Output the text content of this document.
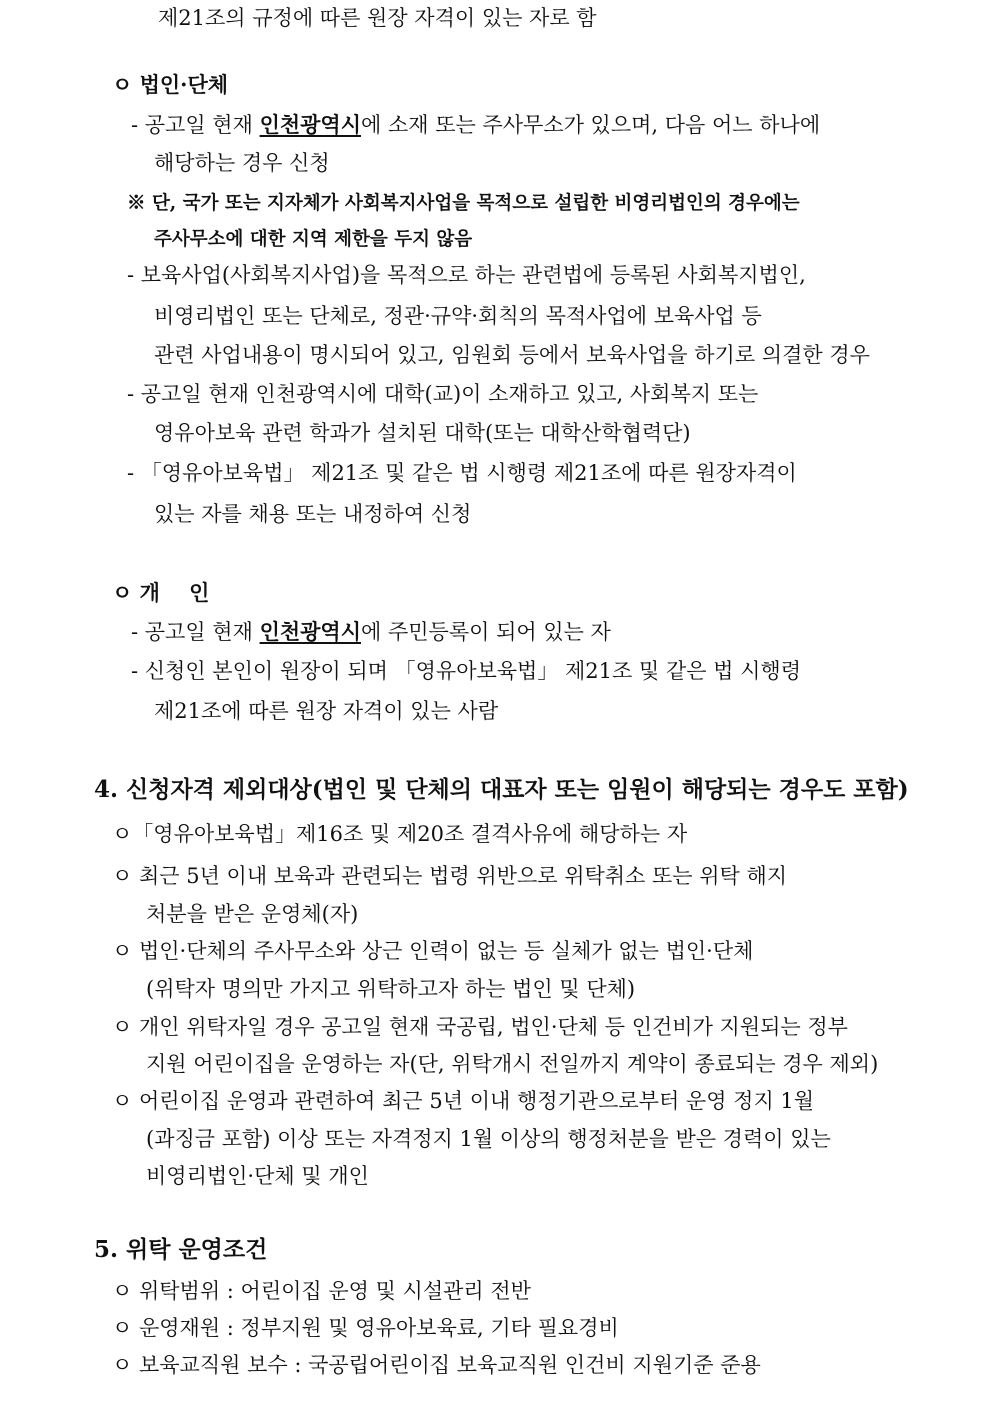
제21조의 규정에 따른 원장 자격이 있는 자로 함
ㅇ 법인·단체
- 공고일 현재 인천광역시에 소재 또는 주사무소가 있으며, 다음 어느 하나에
해당하는 경우 신청
※ 단, 국가 또는 지자체가 사회복지사업을 목적으로 설립한 비영리법인의 경우에는
주사무소에 대한 지역 제한을 두지 않음
- 보육사업(사회복지사업)을 목적으로 하는 관련법에 등록된 사회복지법인,
비영리법인 또는 단체로, 정관·규약·회칙의 목적사업에 보육사업 등
관련 사업내용이 명시되어 있고, 임원회 등에서 보육사업을 하기로 의결한 경우
- 공고일 현재 인천광역시에 대학(교)이 소재하고 있고, 사회복지 또는
영유아보육 관련 학과가 설치된 대학(또는 대학산학협력단)
- 「영유아보육법」 제21조 및 같은 법 시행령 제21조에 따른 원장자격이
있는 자를 채용 또는 내정하여 신청
ㅇ 개    인
- 공고일 현재 인천광역시에 주민등록이 되어 있는 자
- 신청인 본인이 원장이 되며 「영유아보육법」 제21조 및 같은 법 시행령
제21조에 따른 원장 자격이 있는 사람
4. 신청자격 제외대상(법인 및 단체의 대표자 또는 임원이 해당되는 경우도 포함)
ㅇ「영유아보육법」제16조 및 제20조 결격사유에 해당하는 자
ㅇ 최근 5년 이내 보육과 관련되는 법령 위반으로 위탁취소 또는 위탁 해지
처분을 받은 운영체(자)
ㅇ 법인·단체의 주사무소와 상근 인력이 없는 등 실체가 없는 법인·단체
(위탁자 명의만 가지고 위탁하고자 하는 법인 및 단체)
ㅇ 개인 위탁자일 경우 공고일 현재 국공립, 법인·단체 등 인건비가 지원되는 정부
지원 어린이집을 운영하는 자(단, 위탁개시 전일까지 계약이 종료되는 경우 제외)
ㅇ 어린이집 운영과 관련하여 최근 5년 이내 행정기관으로부터 운영 정지 1월
(과징금 포함) 이상 또는 자격정지 1월 이상의 행정처분을 받은 경력이 있는
비영리법인·단체 및 개인
5. 위탁 운영조건
ㅇ 위탁범위 : 어린이집 운영 및 시설관리 전반
ㅇ 운영재원 : 정부지원 및 영유아보육료, 기타 필요경비
ㅇ 보육교직원 보수 : 국공립어린이집 보육교직원 인건비 지원기준 준용
